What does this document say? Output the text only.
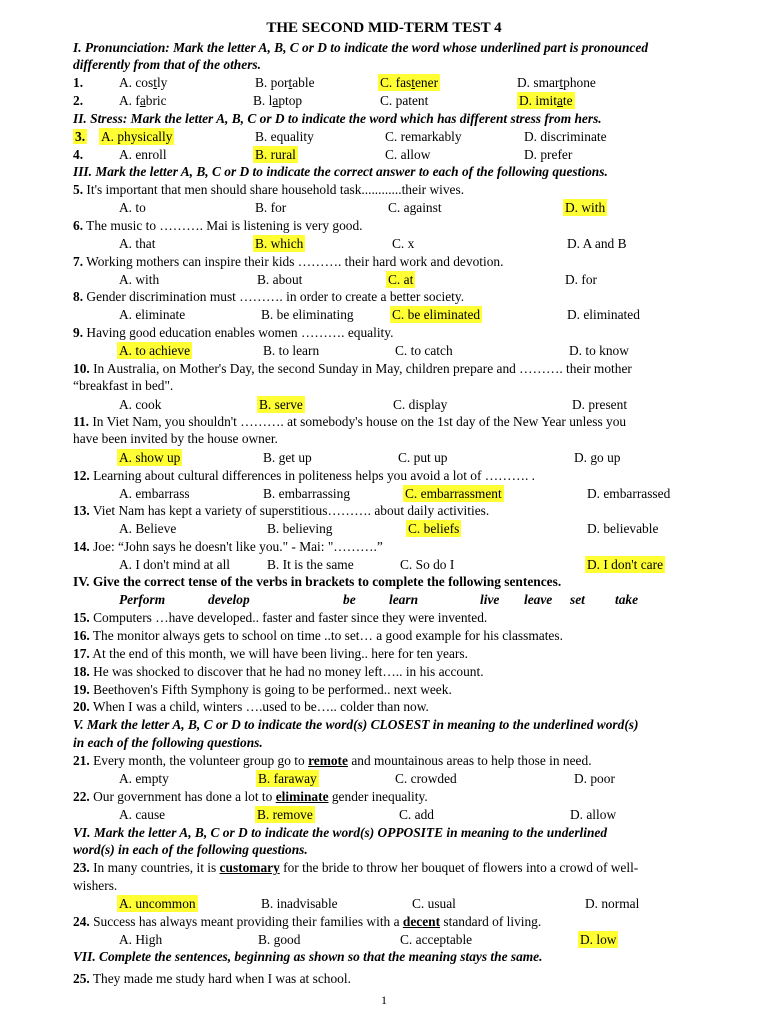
THE SECOND MID-TERM TEST 4
I. Pronunciation: Mark the letter A, B, C or D to indicate the word whose underlined part is pronounced
differently from that of the others.
1.	A. costly	B. portable	C. fastener	D. smartphone
2.	A. fabric	B. laptop	C. patent	D. imitate
II. Stress: Mark the letter A, B, C or D to indicate the word which has different stress from hers.
3. A. physically	B. equality	C. remarkably	D. discriminate
4.	A. enroll	B. rural	C. allow	D. prefer
III. Mark the letter A, B, C or D to indicate the correct answer to each of the following questions.
5. It's important that men should share household task............their wives.
A. to	B. for	C. against	D. with
6. The music to ………. Mai is listening is very good.
A. that	B. which	C. x	D. A and B
7. Working mothers can inspire their kids ………. their hard work and devotion.
A. with	B. about	C. at	D. for
8. Gender discrimination must ………. in order to create a better society.
A. eliminate	B. be eliminating	C. be eliminated	D. eliminated
9. Having good education enables women ………. equality.
A. to achieve	B. to learn	C. to catch	D. to know
10. In Australia, on Mother's Day, the second Sunday in May, children prepare and ………. their mother
“breakfast in bed".
A. cook	B. serve	C. display	D. present
11. In Viet Nam, you shouldn't ………. at somebody's house on the 1st day of the New Year unless you
have been invited by the house owner.
A. show up	B. get up	C. put up	D. go up
12. Learning about cultural differences in politeness helps you avoid a lot of ………. .
A. embarrass	B. embarrassing	C. embarrassment	D. embarrassed
13. Viet Nam has kept a variety of superstitious………. about daily activities.
A. Believe	B. believing	C. beliefs	D. believable
14. Joe: “John says he doesn't like you." - Mai: "……….”
A. I don't mind at all	B. It is the same	C. So do I	D. I don't care
IV. Give the correct tense of the verbs in brackets to complete the following sentences.
Perform	develop	be learn	live leave set take
15. Computers …have developed.. faster and faster since they were invented.
16. The monitor always gets to school on time ..to set… a good example for his classmates.
17. At the end of this month, we will have been living.. here for ten years.
18. He was shocked to discover that he had no money left….. in his account.
19. Beethoven's Fifth Symphony is going to be performed.. next week.
20. When I was a child, winters ….used to be….. colder than now.
V. Mark the letter A, B, C or D to indicate the word(s) CLOSEST in meaning to the underlined word(s)
in each of the following questions.
21. Every month, the volunteer group go to remote and mountainous areas to help those in need.
A. empty	B. faraway	C. crowded	D. poor
22. Our government has done a lot to eliminate gender inequality.
A. cause	B. remove	C. add	D. allow
VI. Mark the letter A, B, C or D to indicate the word(s) OPPOSITE in meaning to the underlined
word(s) in each of the following questions.
23. In many countries, it is customary for the bride to throw her bouquet of flowers into a crowd of well-
wishers.
A. uncommon	B. inadvisable	C. usual	D. normal
24. Success has always meant providing their families with a decent standard of living.
A. High	B. good	C. acceptable	D. low
VII. Complete the sentences, beginning as shown so that the meaning stays the same.
25. They made me study hard when I was at school.
1
